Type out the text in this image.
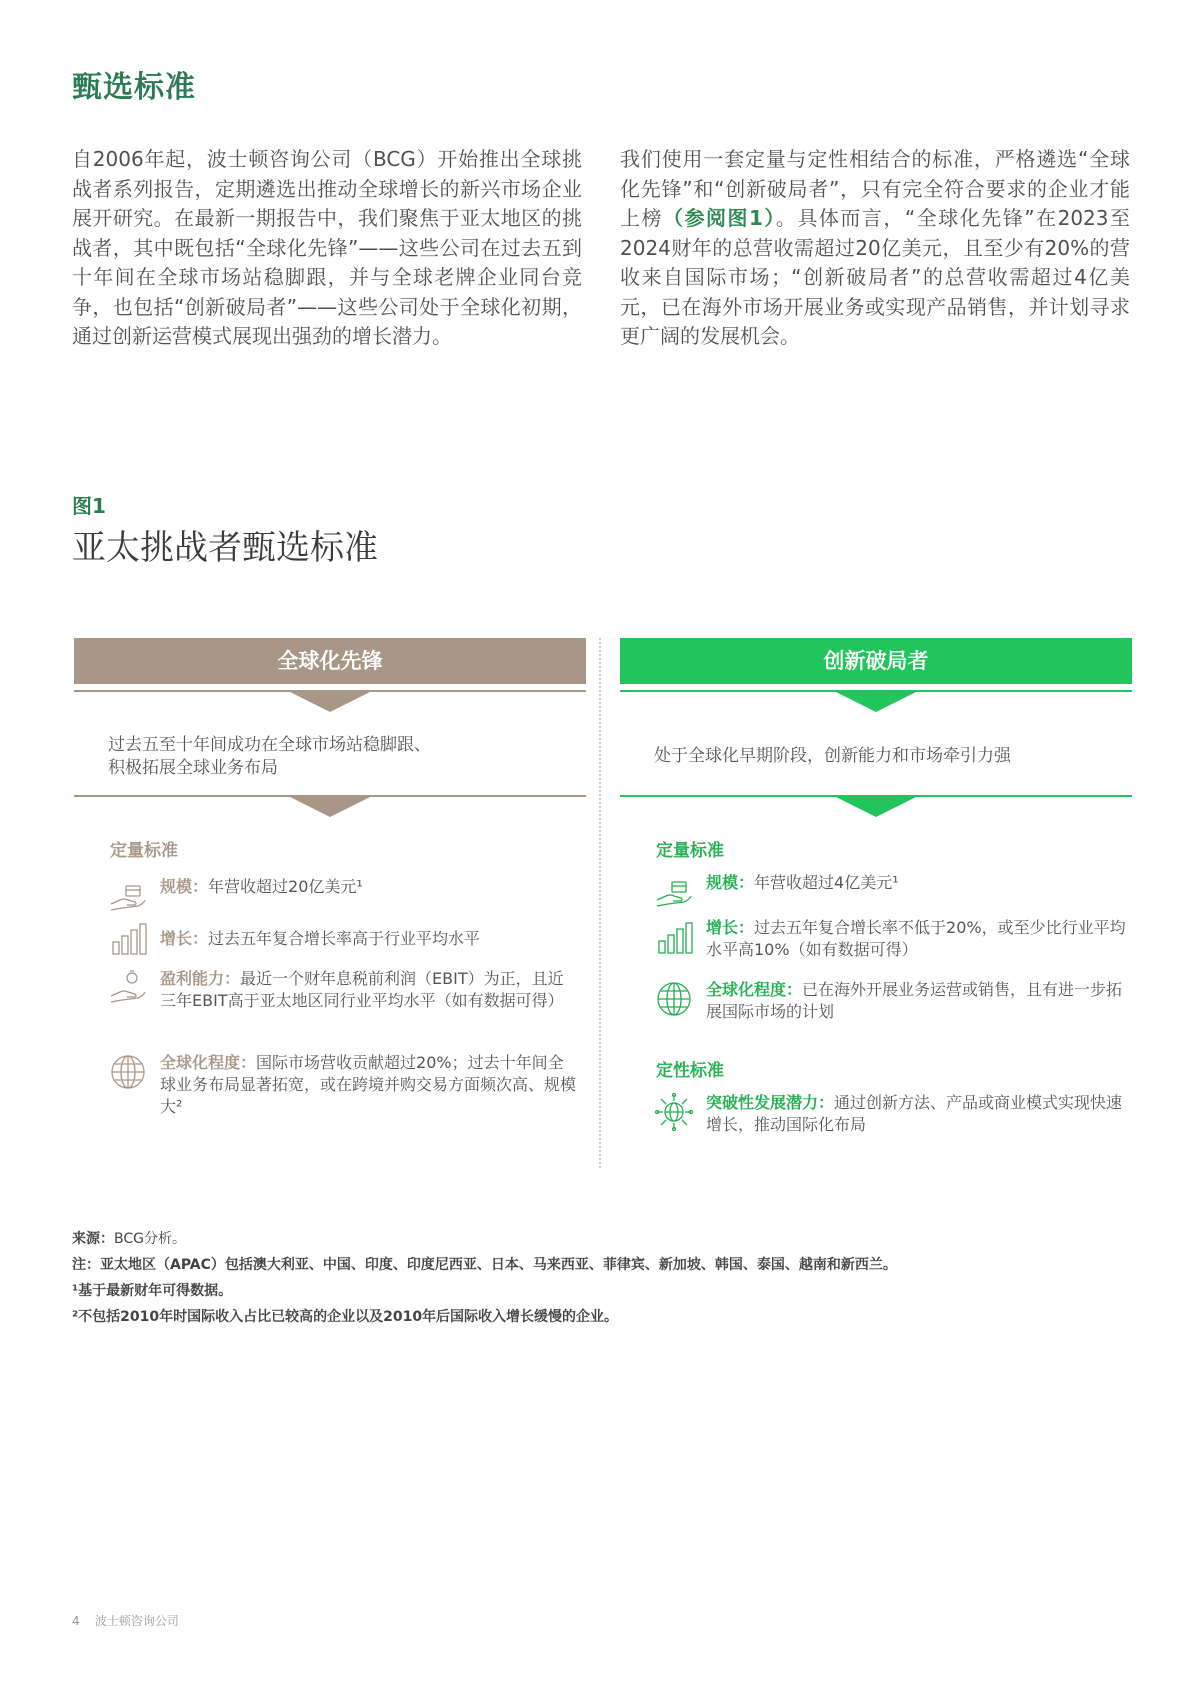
甄选标准
自2006年起，波士顿咨询公司（BCG）开始推出全球挑战者系列报告，定期遴选出推动全球增长的新兴市场企业展开研究。在最新一期报告中，我们聚焦于亚太地区的挑战者，其中既包括“全球化先锋”——这些公司在过去五到十年间在全球市场站稳脚跟，并与全球老牌企业同台竞争，也包括“创新破局者”——这些公司处于全球化初期，通过创新运营模式展现出强劲的增长潜力。
我们使用一套定量与定性相结合的标准，严格遴选“全球化先锋”和“创新破局者”，只有完全符合要求的企业才能上榜（参阅图1）。具体而言，“全球化先锋”在2023至2024财年的总营收需超过20亿美元，且至少有20%的营收来自国际市场；“创新破局者”的总营收需超过4亿美元，已在海外市场开展业务或实现产品销售，并计划寻求更广阔的发展机会。
图1
亚太挑战者甄选标准
全球化先锋
过去五至十年间成功在全球市场站稳脚跟、
积极拓展全球业务布局
定量标准
规模：年营收超过20亿美元¹
增长：过去五年复合增长率高于行业平均水平
盈利能力：最近一个财年息税前利润（EBIT）为正，且近三年EBIT高于亚太地区同行业平均水平（如有数据可得）
全球化程度：国际市场营收贡献超过20%；过去十年间全球业务布局显著拓宽，或在跨境并购交易方面频次高、规模大²
创新破局者
处于全球化早期阶段，创新能力和市场牵引力强
定量标准
规模：年营收超过4亿美元¹
增长：过去五年复合增长率不低于20%，或至少比行业平均水平高10%（如有数据可得）
全球化程度：已在海外开展业务运营或销售，且有进一步拓展国际市场的计划
定性标准
突破性发展潜力：通过创新方法、产品或商业模式实现快速增长，推动国际化布局
来源：BCG分析。
注：亚太地区（APAC）包括澳大利亚、中国、印度、印度尼西亚、日本、马来西亚、菲律宾、新加坡、韩国、泰国、越南和新西兰。
¹基于最新财年可得数据。
²不包括2010年时国际收入占比已较高的企业以及2010年后国际收入增长缓慢的企业。
4 波士顿咨询公司
